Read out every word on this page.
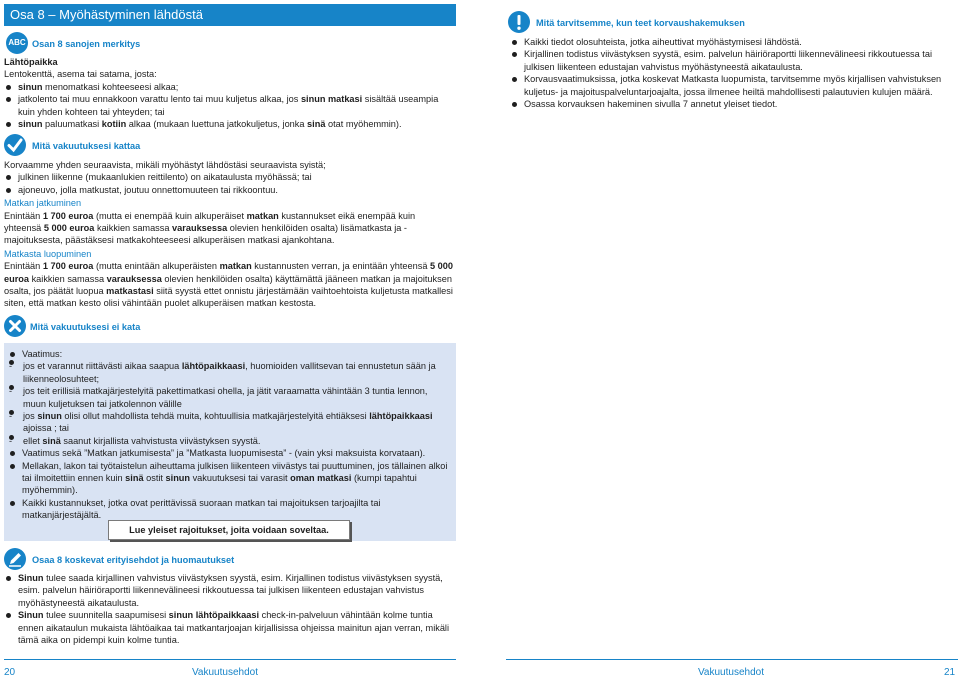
Osa 8 – Myöhästyminen lähdöstä
ABC Osan 8 sanojen merkitys

Lähtöpaikka

Lentokenttä, asema tai satama, josta:

sinun menomatkasi kohteeseesi alkaa;
jatkolento tai muu ennakkoon varattu lento tai muu kuljetus alkaa, jos sinun matkasi sisältää useampia kuin yhden kohteen tai yhteyden; tai
sinun paluumatkasi kotiin alkaa (mukaan luettuna jatkokuljetus, jonka sinä otat myöhemmin).
Mitä vakuutuksesi kattaa

Korvaamme yhden seuraavista, mikäli myöhästyt lähdöstäsi seuraavista syistä;

julkinen liikenne (mukaanlukien reittilento) on aikataulusta myöhässä; tai
ajoneuvo, jolla matkustat, joutuu onnettomuuteen tai rikkoontuu.

Matkan jatkuminen

Enintään 1 700 euroa (mutta ei enempää kuin alkuperäiset matkan kustannukset eikä enempää kuin yhteensä 5 000 euroa kaikkien samassa varauksessa olevien henkilöiden osalta) lisämatkasta ja -majoituksesta, päästäksesi matkakohteeseesi alkuperäisen matkasi ajankohtana.

Matkasta luopuminen

Enintään 1 700 euroa (mutta enintään alkuperäisten matkan kustannusten verran, ja enintään yhteensä 5 000 euroa kaikkien samassa varauksessa olevien henkilöiden osalta) käyttämättä jääneen matkan ja majoituksen osalta, jos päätät luopua matkastasi siitä syystä ettet onnistu järjestämään vaihtoehtoista kuljetusta matkallesi siten, että matkan kesto olisi vähintään puolet alkuperäisen matkan kestosta.

Mitä vakuutuksesi ei kata
Vaatimus:
- jos et varannut riittävästi aikaa saapua lähtöpaikkaasi, huomioiden vallitsevan tai ennustetun sään ja liikenneolosuhteet;
- jos teit erillisiä matkajärjestelyitä pakettimatkasi ohella, ja jätit varaamatta vähintään 3 tuntia lennon, muun kuljetuksen tai jatkolennon välille
- jos sinun olisi ollut mahdollista tehdä muita, kohtuullisia matkajärjestelyitä ehtiäksesi lähtöpaikkaasi ajoissa ; tai
- ellet sinä saanut kirjallista vahvistusta viivästyksen syystä.
Vaatimus sekä ”Matkan jatkumisesta” ja ”Matkasta luopumisesta” - (vain yksi maksuista korvataan).
Mellakan, lakon tai työtaistelun aiheuttama julkisen liikenteen viivästys tai puuttuminen, jos tällainen alkoi tai ilmoitettiin ennen kuin sinä ostit sinun vakuutuksesi tai varasit oman matkasi (kumpi tapahtui myöhemmin).
Kaikki kustannukset, jotka ovat perittävissä suoraan matkan tai majoituksen tarjoajilta tai matkanjärjestäjältä.
Lue yleiset rajoitukset, joita voidaan soveltaa.
Osaa 8 koskevat erityisehdot ja huomautukset
Sinun tulee saada kirjallinen vahvistus viivästyksen syystä, esim. Kirjallinen todistus viivästyksen syystä, esim. palvelun häiriöraportti liikennevälineesi rikkoutuessa tai julkisen liikenteen edustajan vahvistus myöhästyneestä aikataulusta.
Sinun tulee suunnitella saapumisesi sinun lähtöpaikkaasi check-in-palveluun vähintään kolme tuntia ennen aikataulun mukaista lähtöaikaa tai matkantarjoajan kirjallisissa ohjeissa mainitun ajan verran, mikäli tämä aika on pidempi kuin kolme tuntia.
20	Vakuutusehdot
Mitä tarvitsemme, kun teet korvaushakemuksen
Kaikki tiedot olosuhteista, jotka aiheuttivat myöhästymisesi lähdöstä.
Kirjallinen todistus viivästyksen syystä, esim. palvelun häiriöraportti liikennevälineesi rikkoutuessa tai julkisen liikenteen edustajan vahvistus myöhästyneestä aikataulusta.
Korvausvaatimuksissa, jotka koskevat Matkasta luopumista, tarvitsemme myös kirjallisen vahvistuksen kuljetus- ja majoituspalveluntarjoajalta, jossa ilmenee heiltä mahdollisesti palautuvien kulujen määrä.
Osassa korvauksen hakeminen sivulla 7 annetut yleiset tiedot.
Vakuutusehdot	21
